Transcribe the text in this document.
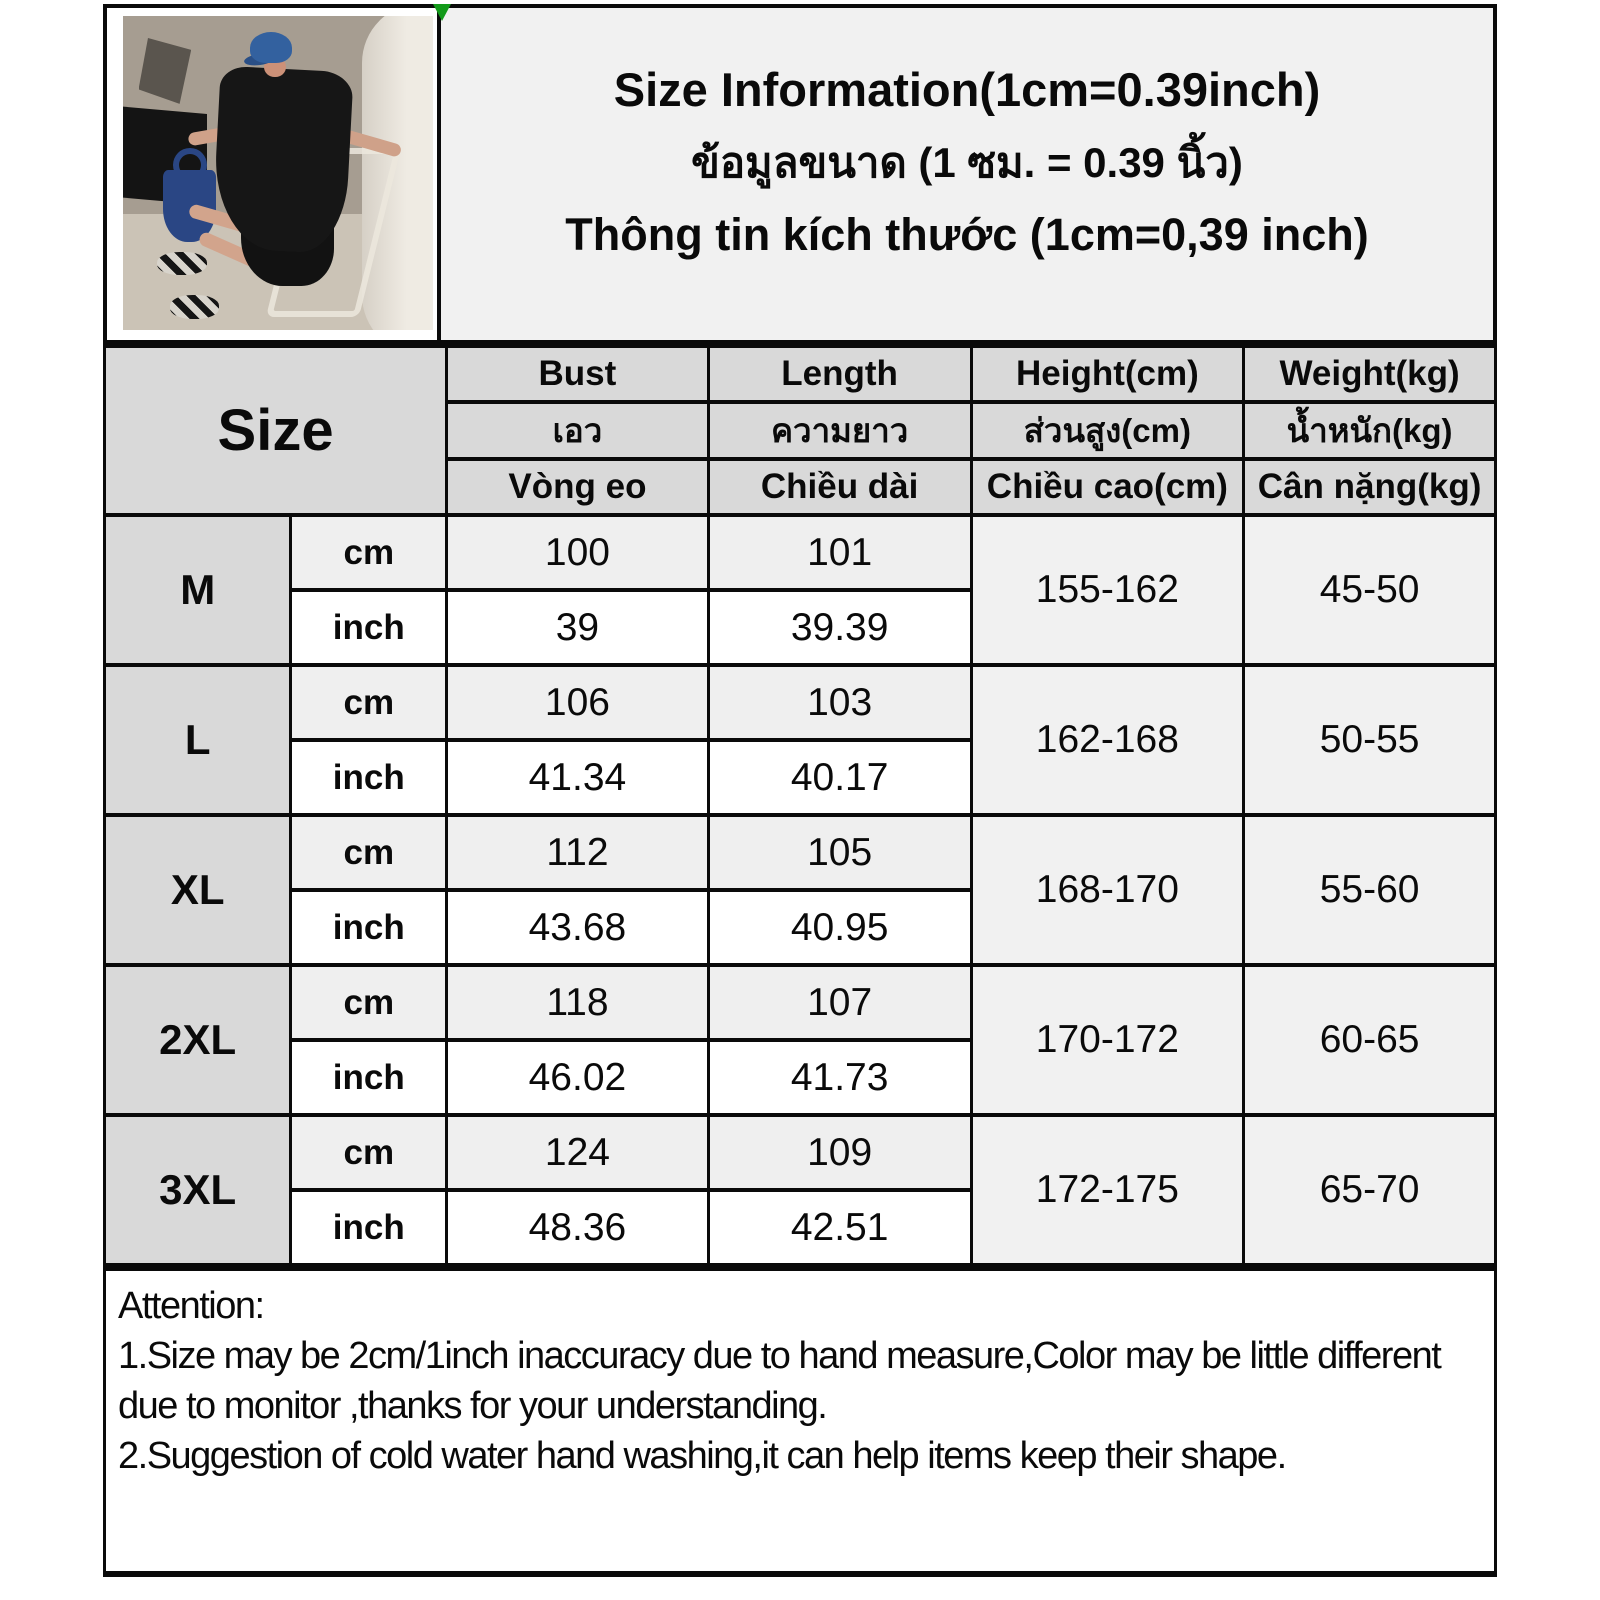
Size Information(1cm=0.39inch)
ข้อมูลขนาด (1 ซม. = 0.39 นิ้ว)
Thông tin kích thước (1cm=0,39 inch)
Size		Bust	Length	Height(cm)	Weight(kg)
		เอว	ความยาว	ส่วนสูง(cm)	น้ำหนัก(kg)
		Vòng eo	Chiều dài	Chiều cao(cm)	Cân nặng(kg)
M	cm	100	101	155-162	45-50
	inch	39	39.39		
L	cm	106	103	162-168	50-55
	inch	41.34	40.17		
XL	cm	112	105	168-170	55-60
	inch	43.68	40.95		
2XL	cm	118	107	170-172	60-65
	inch	46.02	41.73		
3XL	cm	124	109	172-175	65-70
	inch	48.36	42.51		

Attention:

1.Size may be 2cm/1inch inaccuracy due to hand measure,Color may be little different due to monitor ,thanks for your understanding.

2.Suggestion of cold water hand washing,it can help items keep their shape.
